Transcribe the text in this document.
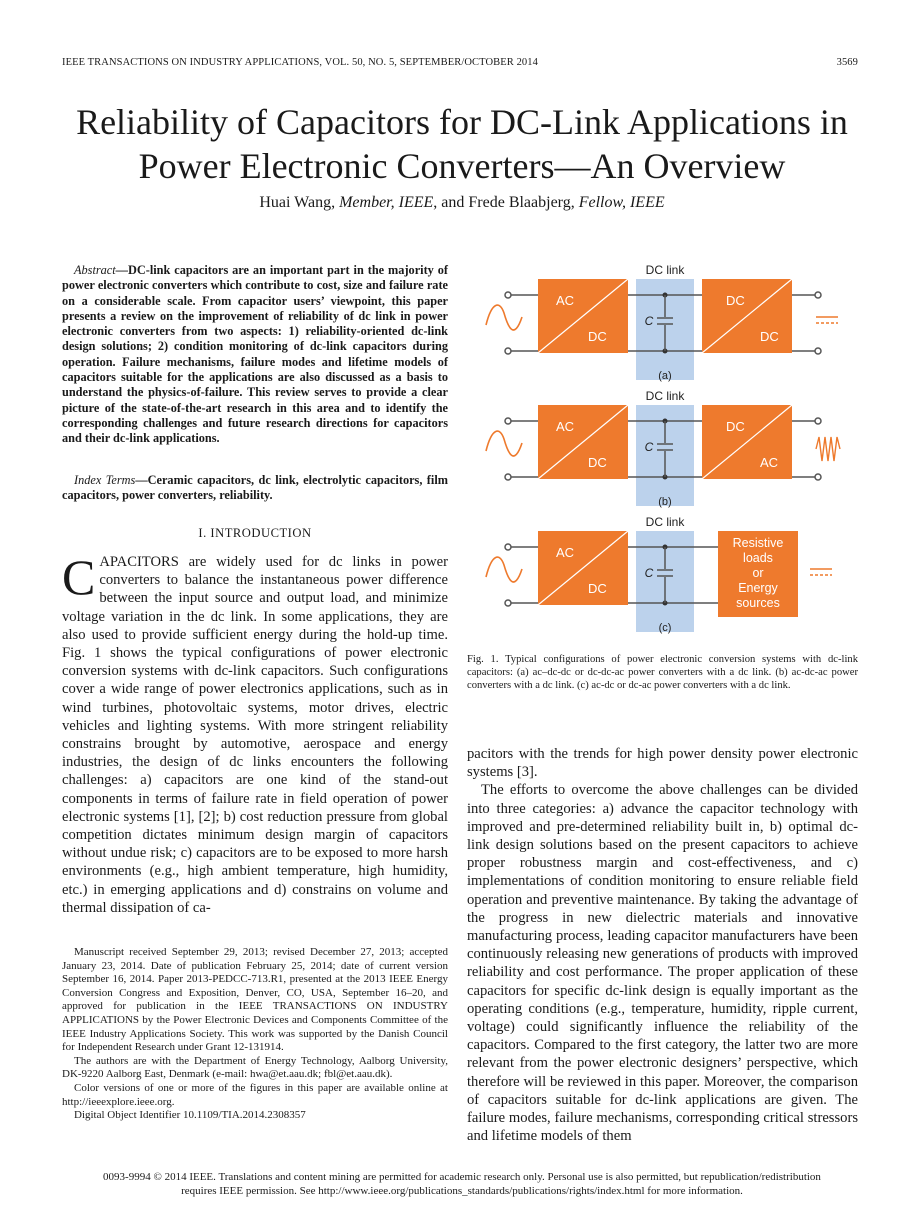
IEEE TRANSACTIONS ON INDUSTRY APPLICATIONS, VOL. 50, NO. 5, SEPTEMBER/OCTOBER 2014	3569
Reliability of Capacitors for DC-Link Applications in
Power Electronic Converters—An Overview
Huai Wang, Member, IEEE, and Frede Blaabjerg, Fellow, IEEE
Abstract—DC-link capacitors are an important part in the majority of power electronic converters which contribute to cost, size and failure rate on a considerable scale. From capacitor users’ viewpoint, this paper presents a review on the improvement of reliability of dc link in power electronic converters from two aspects: 1) reliability-oriented dc-link design solutions; 2) condition monitoring of dc-link capacitors during operation. Failure mechanisms, failure modes and lifetime models of capacitors suitable for the applications are also discussed as a basis to understand the physics-of-failure. This review serves to provide a clear picture of the state-of-the-art research in this area and to identify the corresponding challenges and future research directions for capacitors and their dc-link applications.
Index Terms—Ceramic capacitors, dc link, electrolytic capacitors, film capacitors, power converters, reliability.
I. INTRODUCTION
CAPACITORS are widely used for dc links in power converters to balance the instantaneous power difference between the input source and output load, and minimize voltage variation in the dc link. In some applications, they are also used to provide sufficient energy during the hold-up time. Fig. 1 shows the typical configurations of power electronic conversion systems with dc-link capacitors. Such configurations cover a wide range of power electronics applications, such as in wind turbines, photovoltaic systems, motor drives, electric vehicles and lighting systems. With more stringent reliability constrains brought by automotive, aerospace and energy industries, the design of dc links encounters the following challenges: a) capacitors are one kind of the stand-out components in terms of failure rate in field operation of power electronic systems [1], [2]; b) cost reduction pressure from global competition dictates minimum design margin of capacitors without undue risk; c) capacitors are to be exposed to more harsh environments (e.g., high ambient temperature, high humidity, etc.) in emerging applications and d) constrains on volume and thermal dissipation of ca-

Manuscript received September 29, 2013; revised December 27, 2013; accepted January 23, 2014. Date of publication February 25, 2014; date of current version September 16, 2014. Paper 2013-PEDCC-713.R1, presented at the 2013 IEEE Energy Conversion Congress and Exposition, Denver, CO, USA, September 16–20, and approved for publication in the IEEE TRANSACTIONS ON INDUSTRY APPLICATIONS by the Power Electronic Devices and Components Committee of the IEEE Industry Applications Society. This work was supported by the Danish Council for Independent Research under Grant 12-131914.

The authors are with the Department of Energy Technology, Aalborg University, DK-9220 Aalborg East, Denmark (e-mail: hwa@et.aau.dk; fbl@et.aau.dk).

Color versions of one or more of the figures in this paper are available online at http://ieeexplore.ieee.org.

Digital Object Identifier 10.1109/TIA.2014.2308357

DC link
C
AC
DC
DC
DC
(a)
DC link
C
AC
DC
DC
AC
(b)
DC link
C
AC
DC
Resistive
loads
or
Energy
sources
(c)
Fig. 1. Typical configurations of power electronic conversion systems with dc-link capacitors: (a) ac–dc-dc or dc-dc-ac power converters with a dc link. (b) ac-dc-ac power converters with a dc link. (c) ac-dc or dc-ac power converters with a dc link.

pacitors with the trends for high power density power electronic systems [3].

The efforts to overcome the above challenges can be divided into three categories: a) advance the capacitor technology with improved and pre-determined reliability built in, b) optimal dc-link design solutions based on the present capacitors to achieve proper robustness margin and cost-effectiveness, and c) implementations of condition monitoring to ensure reliable field operation and preventive maintenance. By taking the advantage of the progress in new dielectric materials and innovative manufacturing process, leading capacitor manufacturers have been continuously releasing new generations of products with improved reliability and cost performance. The proper application of these capacitors for specific dc-link design is equally important as the operating conditions (e.g., temperature, humidity, ripple current, voltage) could significantly influence the reliability of the capacitors. Compared to the first category, the latter two are more relevant from the power electronic designers’ perspective, which therefore will be reviewed in this paper. Moreover, the comparison of capacitors suitable for dc-link applications are given. The failure modes, failure mechanisms, corresponding critical stressors and lifetime models of them

0093-9994 © 2014 IEEE. Translations and content mining are permitted for academic research only. Personal use is also permitted, but republication/redistribution
requires IEEE permission. See http://www.ieee.org/publications_standards/publications/rights/index.html for more information.
